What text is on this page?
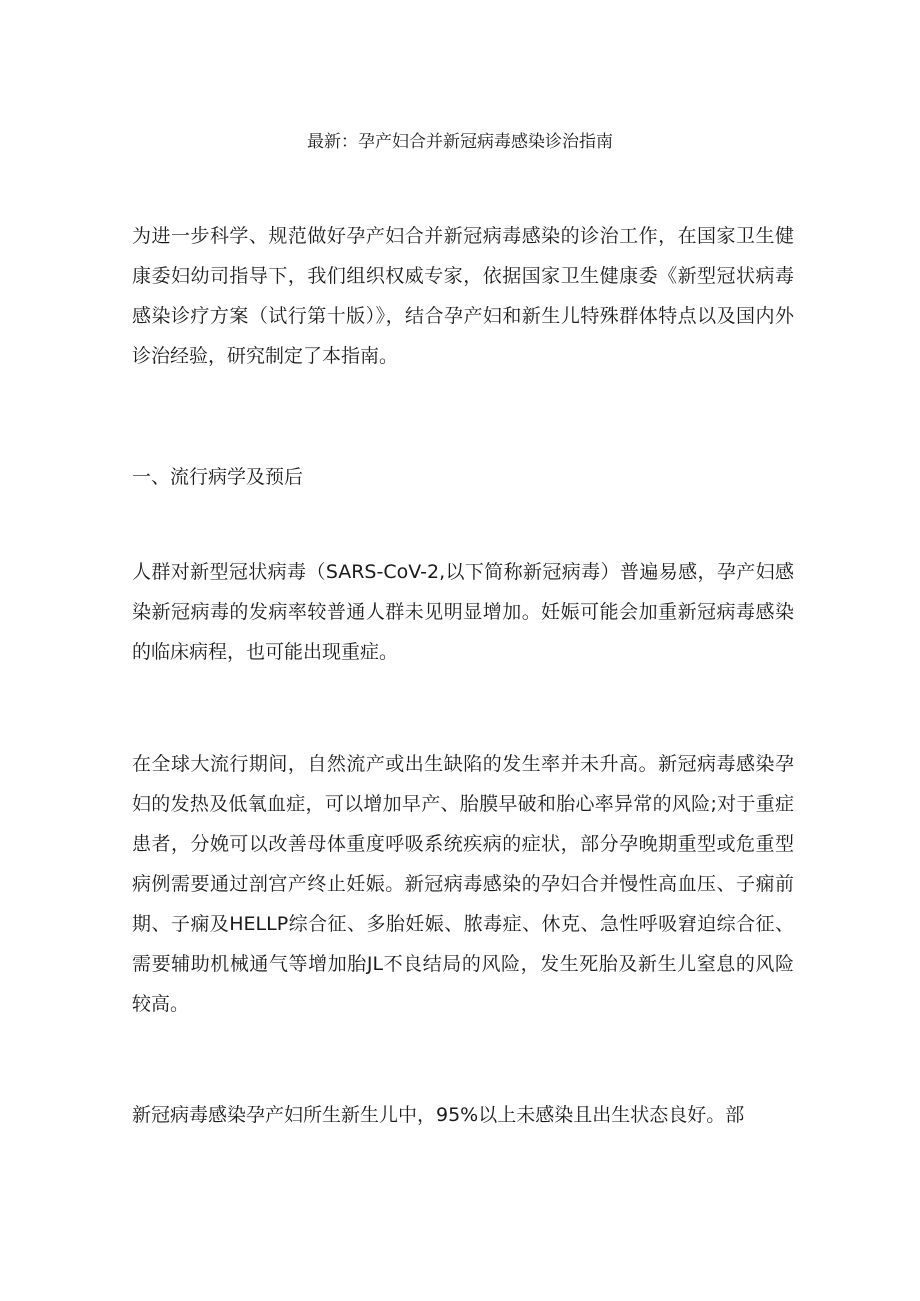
最新：孕产妇合并新冠病毒感染诊治指南

为进一步科学、规范做好孕产妇合并新冠病毒感染的诊治工作，在国家卫生健康委妇幼司指导下，我们组织权威专家，依据国家卫生健康委《新型冠状病毒感染诊疗方案（试行第十版）》，结合孕产妇和新生儿特殊群体特点以及国内外诊治经验，研究制定了本指南。

一、流行病学及预后

人群对新型冠状病毒（SARS-CoV-2,以下简称新冠病毒）普遍易感，孕产妇感染新冠病毒的发病率较普通人群未见明显增加。妊娠可能会加重新冠病毒感染的临床病程，也可能出现重症。

在全球大流行期间，自然流产或出生缺陷的发生率并未升高。新冠病毒感染孕妇的发热及低氧血症，可以增加早产、胎膜早破和胎心率异常的风险;对于重症患者，分娩可以改善母体重度呼吸系统疾病的症状，部分孕晚期重型或危重型病例需要通过剖宫产终止妊娠。新冠病毒感染的孕妇合并慢性高血压、子痫前期、子痫及HELLP综合征、多胎妊娠、脓毒症、休克、急性呼吸窘迫综合征、需要辅助机械通气等增加胎JL不良结局的风险，发生死胎及新生儿窒息的风险较高。

新冠病毒感染孕产妇所生新生儿中，95%以上未感染且出生状态良好。部
